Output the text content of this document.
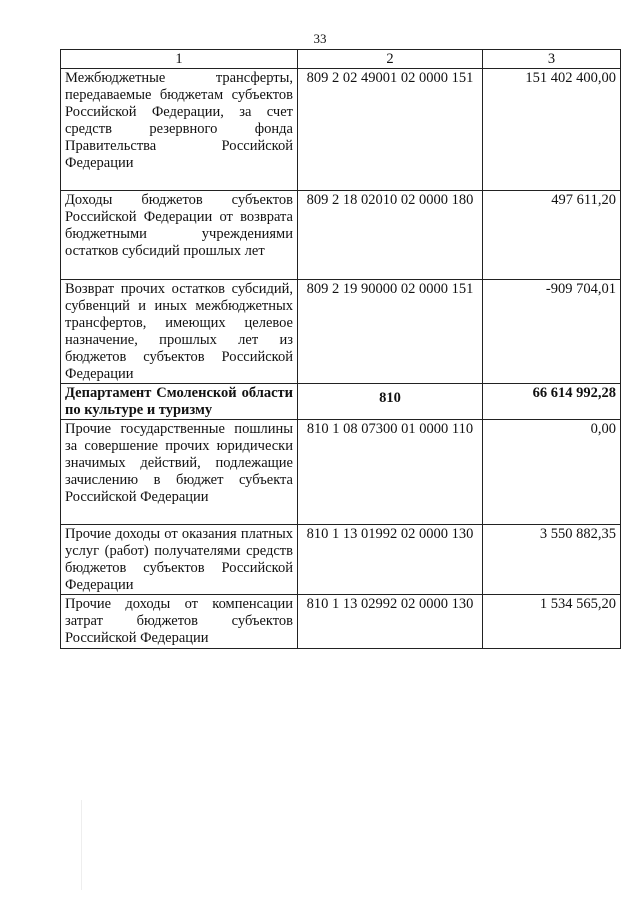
33
1	2	3
Межбюджетные трансферты, передаваемые бюджетам субъектов Российской Федерации, за счет средств резервного фонда Правительства Российской Федерации	809 2 02 49001 02 0000 151	151 402 400,00
Доходы бюджетов субъектов Российской Федерации от возврата бюджетными учреждениями остатков субсидий прошлых лет	809 2 18 02010 02 0000 180	497 611,20
Возврат прочих остатков субсидий, субвенций и иных межбюджетных трансфертов, имеющих целевое назначение, прошлых лет из бюджетов субъектов Российской Федерации	809 2 19 90000 02 0000 151	-909 704,01
Департамент Смоленской области по культуре и туризму	810	66 614 992,28
Прочие государственные пошлины за совершение прочих юридически значимых действий, подлежащие зачислению в бюджет субъекта Российской Федерации	810 1 08 07300 01 0000 110	0,00
Прочие доходы от оказания платных услуг (работ) получателями средств бюджетов субъектов Российской Федерации	810 1 13 01992 02 0000 130	3 550 882,35
Прочие доходы от компенсации затрат бюджетов субъектов Российской Федерации	810 1 13 02992 02 0000 130	1 534 565,20
